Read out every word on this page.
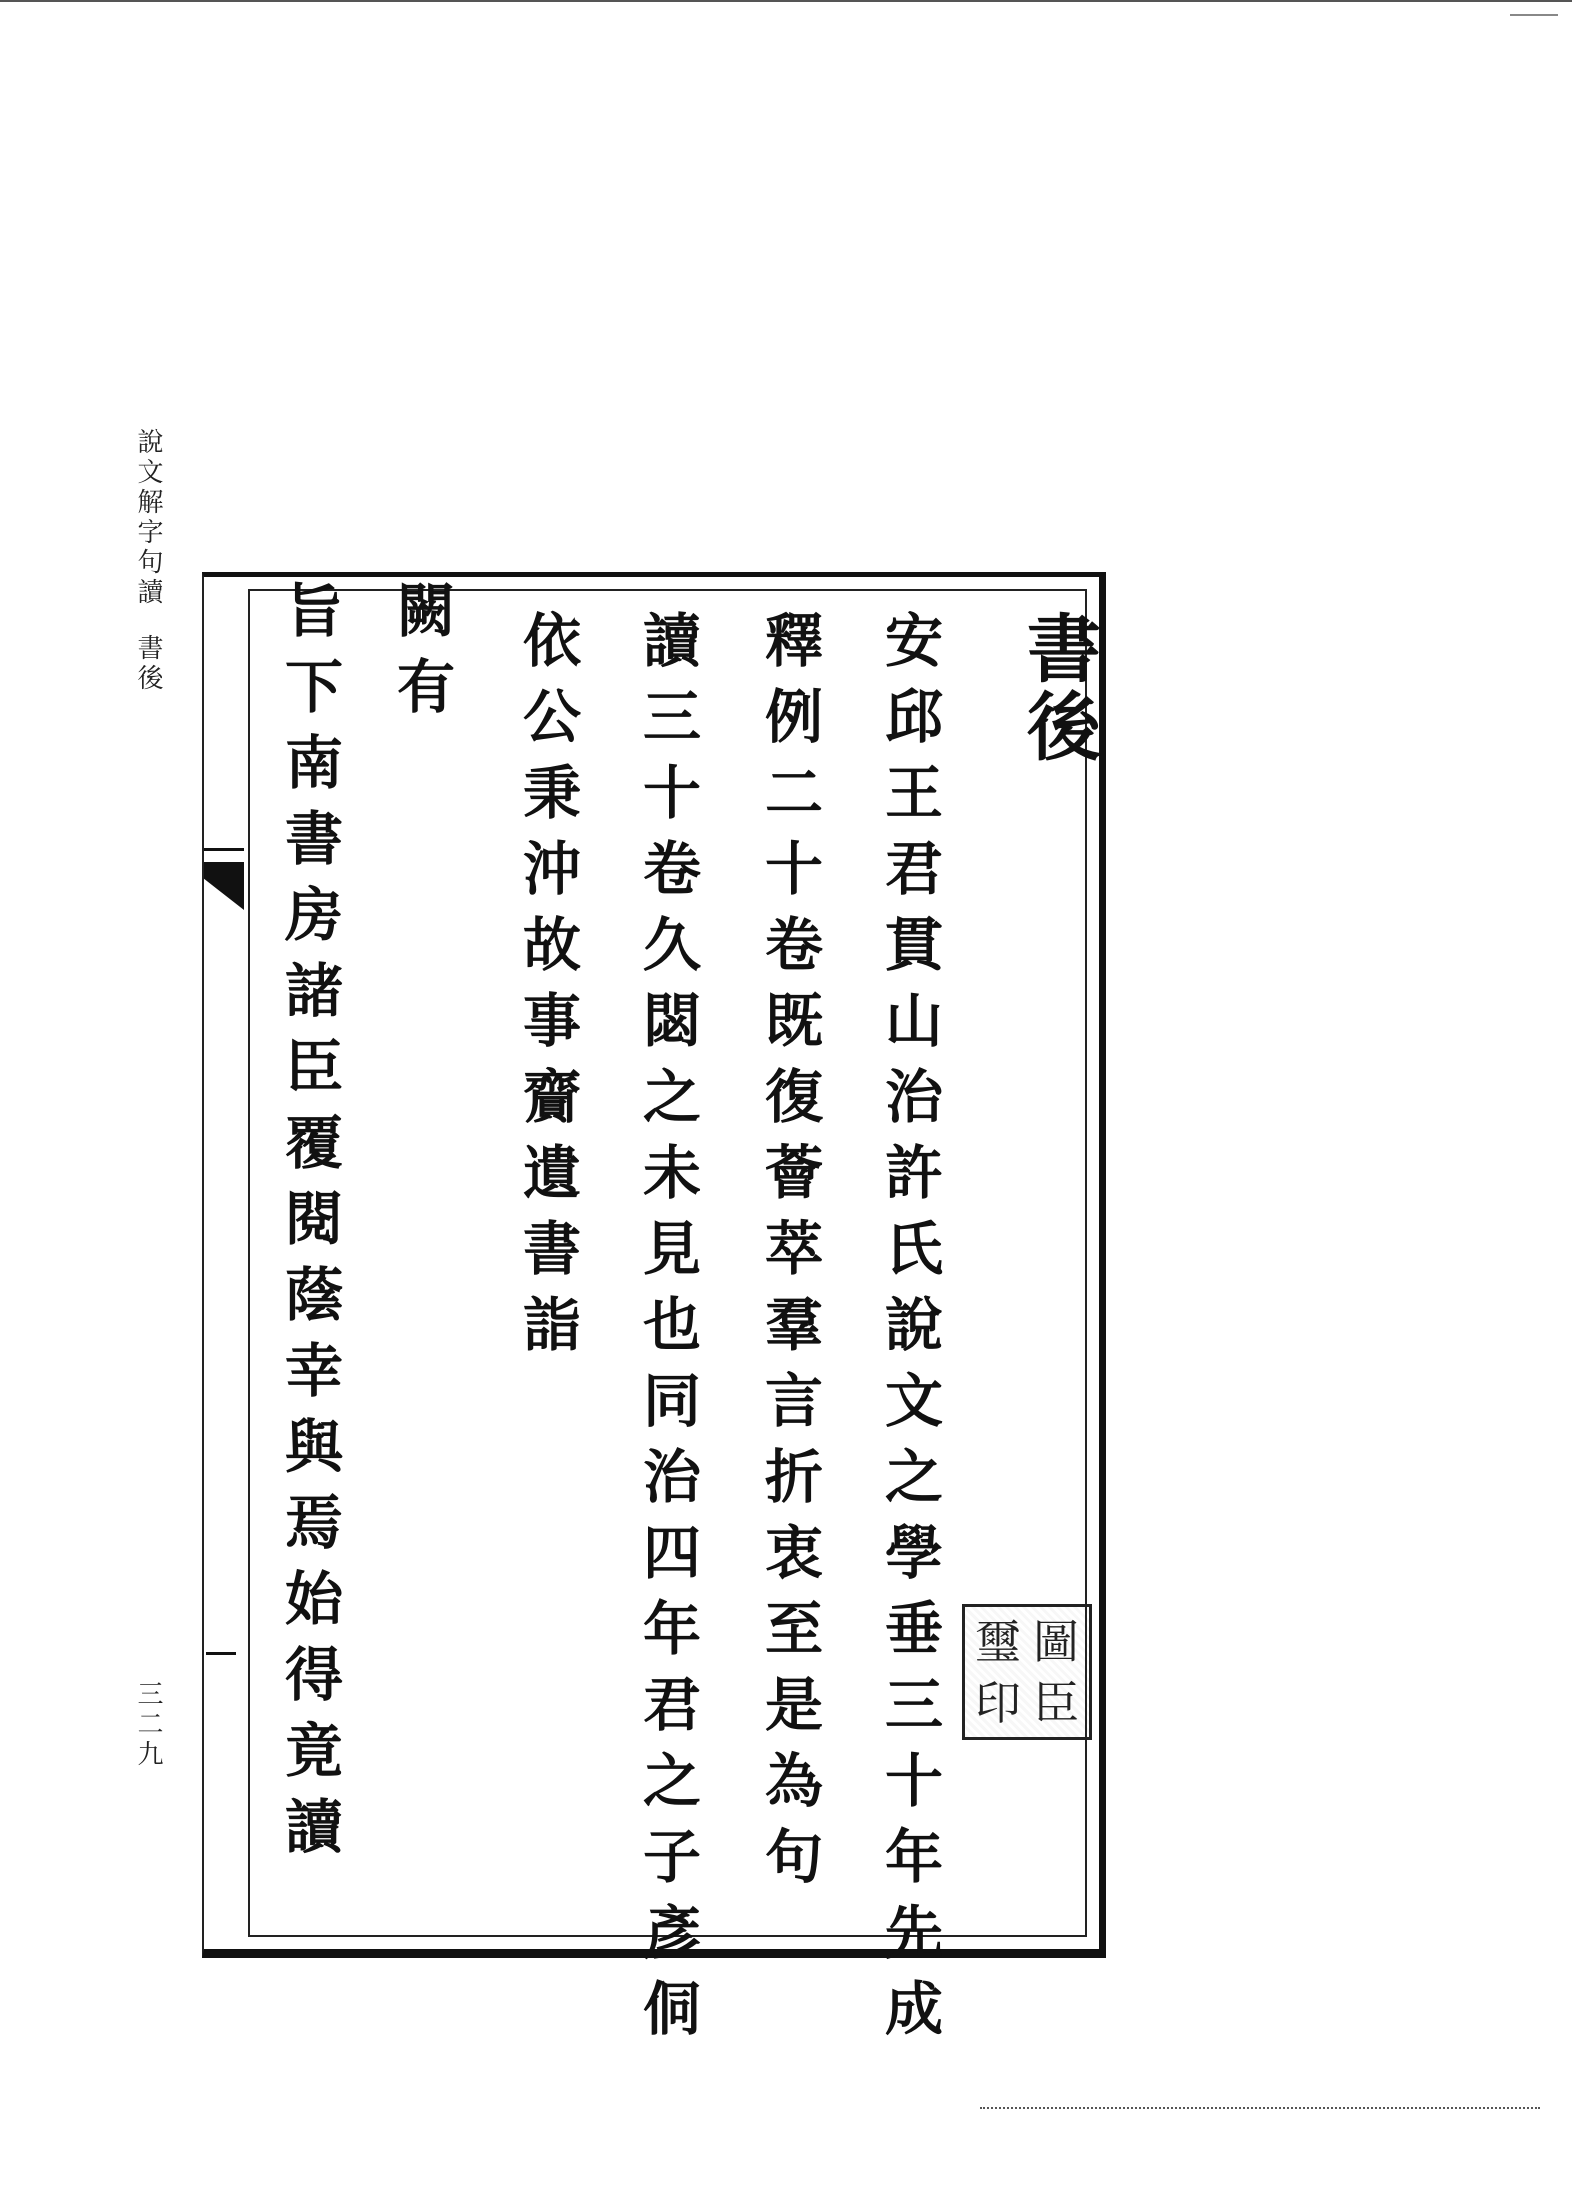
說文解字句讀書後
三二九
書後
安邱王君貫山治許氏說文之學垂三十年先成
釋例二十卷既復薈萃羣言折衷至是為句
讀三十卷久閟之未見也同治四年君之子彥侗
依公秉沖故事齎遺書詣
闕有
旨下南書房諸臣覆閱蔭幸與焉始得竟讀	璽 圖
印 臣
